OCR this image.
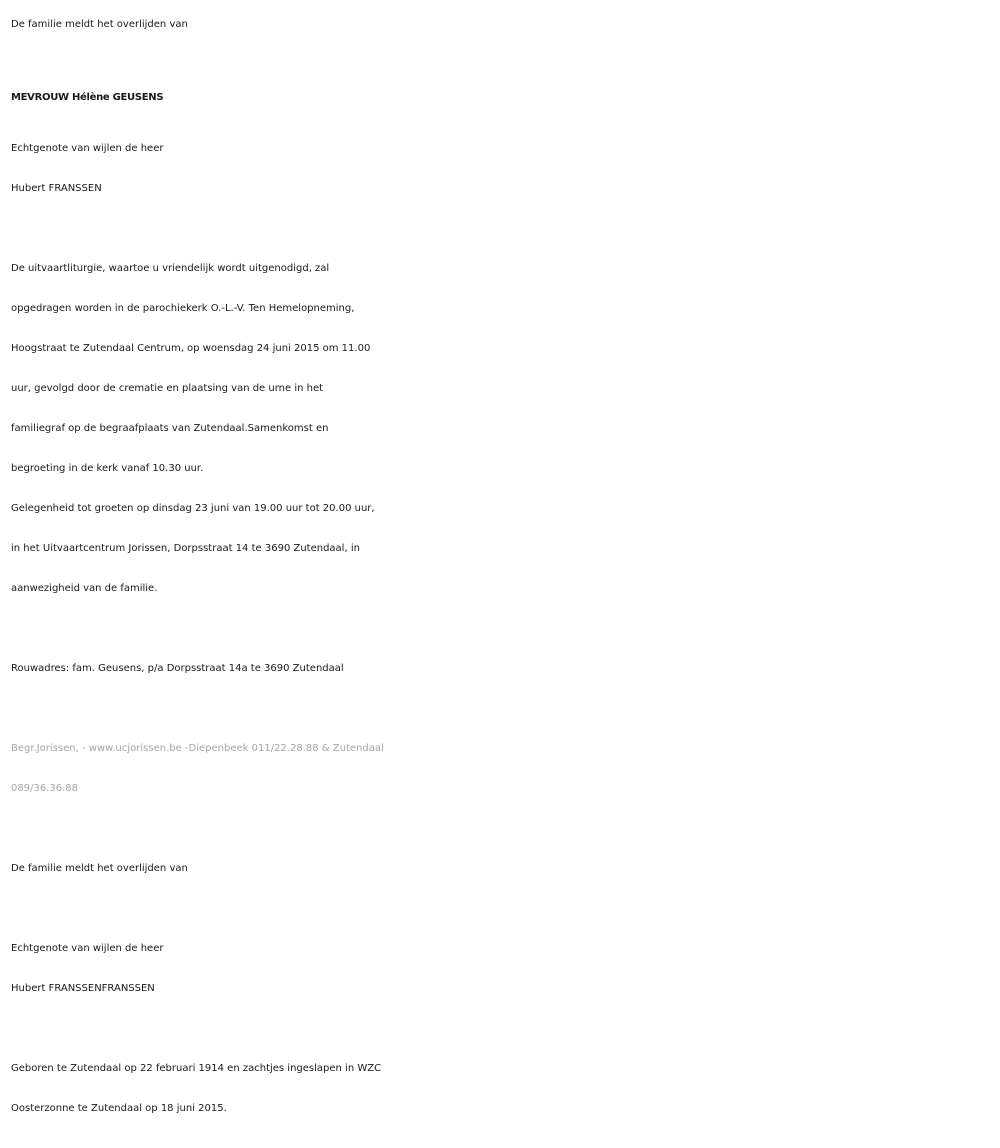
De familie meldt het overlijden van

MEVROUW Hélène GEUSENS

Echtgenote van wijlen de heer

Hubert FRANSSEN

De uitvaartliturgie, waartoe u vriendelijk wordt uitgenodigd, zal

opgedragen worden in de parochiekerk O.-L.-V. Ten Hemelopneming,

Hoogstraat te Zutendaal Centrum, op woensdag 24 juni 2015 om 11.00

uur, gevolgd door de crematie en plaatsing van de urne in het

familiegraf op de begraafplaats van Zutendaal.Samenkomst en

begroeting in de kerk vanaf 10.30 uur.

Gelegenheid tot groeten op dinsdag 23 juni van 19.00 uur tot 20.00 uur,

in het Uitvaartcentrum Jorissen, Dorpsstraat 14 te 3690 Zutendaal, in

aanwezigheid van de familie.

Rouwadres: fam. Geusens, p/a Dorpsstraat 14a te 3690 Zutendaal

Begr.Jorissen, - www.ucjorissen.be -Diepenbeek 011/22.28.88 & Zutendaal

089/36.36.88

De familie meldt het overlijden van

Echtgenote van wijlen de heer

Hubert FRANSSENFRANSSEN

Geboren te Zutendaal op 22 februari 1914 en zachtjes ingeslapen in WZC

Oosterzonne te Zutendaal op 18 juni 2015.
